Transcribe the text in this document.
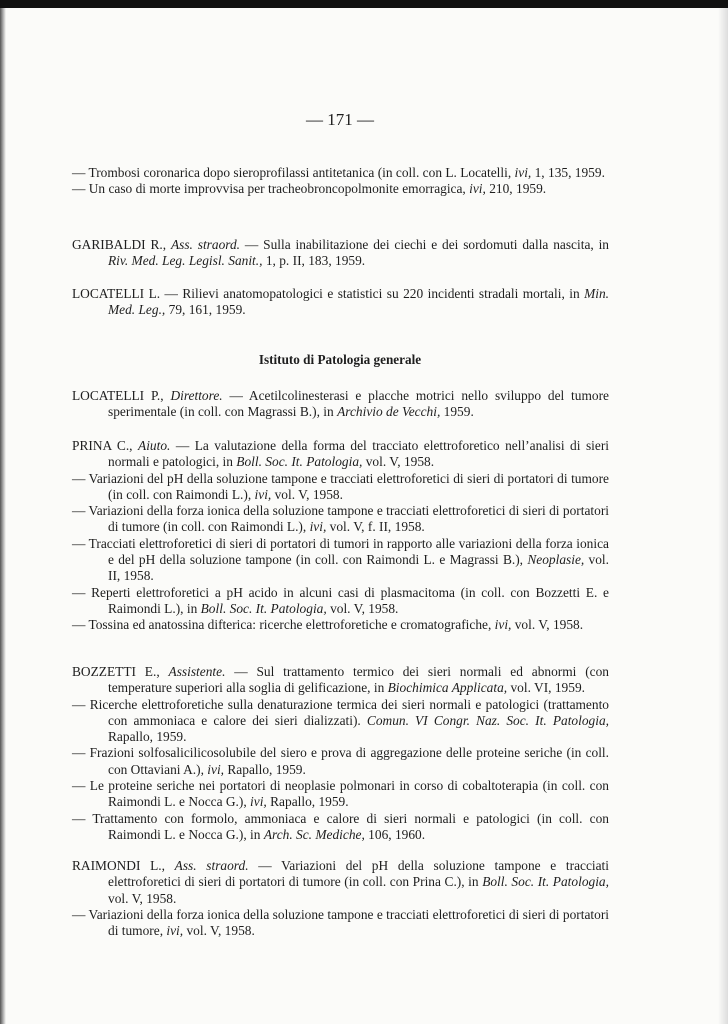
— 171 —
Istituto di Patologia generale
— Trombosi coronarica dopo sieroprofilassi antitetanica (in coll. con L. Locatelli, ivi, 1, 135, 1959.
— Un caso di morte improvvisa per tracheobroncopolmonite emorragica, ivi, 210, 1959.
GARIBALDI R., Ass. straord. — Sulla inabilitazione dei ciechi e dei sordomuti dalla nascita, in Riv. Med. Leg. Legisl. Sanit., 1, p. II, 183, 1959.
LOCATELLI L. — Rilievi anatomopatologici e statistici su 220 incidenti stradali mortali, in Min. Med. Leg., 79, 161, 1959.
LOCATELLI P., Direttore. — Acetilcolinesterasi e placche motrici nello sviluppo del tumore sperimentale (in coll. con Magrassi B.), in Archivio de Vecchi, 1959.
PRINA C., Aiuto. — La valutazione della forma del tracciato elettroforetico nell’analisi di sieri normali e patologici, in Boll. Soc. It. Patologia, vol. V, 1958.
— Variazioni del pH della soluzione tampone e tracciati elettroforetici di sieri di portatori di tumore (in coll. con Raimondi L.), ivi, vol. V, 1958.
— Variazioni della forza ionica della soluzione tampone e tracciati elettroforetici di sieri di portatori di tumore (in coll. con Raimondi L.), ivi, vol. V, f. II, 1958.
— Tracciati elettroforetici di sieri di portatori di tumori in rapporto alle variazioni della forza ionica e del pH della soluzione tampone (in coll. con Raimondi L. e Magrassi B.), Neoplasie, vol. II, 1958.
— Reperti elettroforetici a pH acido in alcuni casi di plasmacitoma (in coll. con Bozzetti E. e Raimondi L.), in Boll. Soc. It. Patologia, vol. V, 1958.
— Tossina ed anatossina difterica: ricerche elettroforetiche e cromatografiche, ivi, vol. V, 1958.
BOZZETTI E., Assistente. — Sul trattamento termico dei sieri normali ed abnormi (con temperature superiori alla soglia di gelificazione, in Biochimica Applicata, vol. VI, 1959.
— Ricerche elettroforetiche sulla denaturazione termica dei sieri normali e patologici (trattamento con ammoniaca e calore dei sieri dializzati). Comun. VI Congr. Naz. Soc. It. Patologia, Rapallo, 1959.
— Frazioni solfosalicilicosolubile del siero e prova di aggregazione delle proteine seriche (in coll. con Ottaviani A.), ivi, Rapallo, 1959.
— Le proteine seriche nei portatori di neoplasie polmonari in corso di cobaltoterapia (in coll. con Raimondi L. e Nocca G.), ivi, Rapallo, 1959.
— Trattamento con formolo, ammoniaca e calore di sieri normali e patologici (in coll. con Raimondi L. e Nocca G.), in Arch. Sc. Mediche, 106, 1960.
RAIMONDI L., Ass. straord. — Variazioni del pH della soluzione tampone e tracciati elettroforetici di sieri di portatori di tumore (in coll. con Prina C.), in Boll. Soc. It. Patologia, vol. V, 1958.
— Variazioni della forza ionica della soluzione tampone e tracciati elettroforetici di sieri di portatori di tumore, ivi, vol. V, 1958.
